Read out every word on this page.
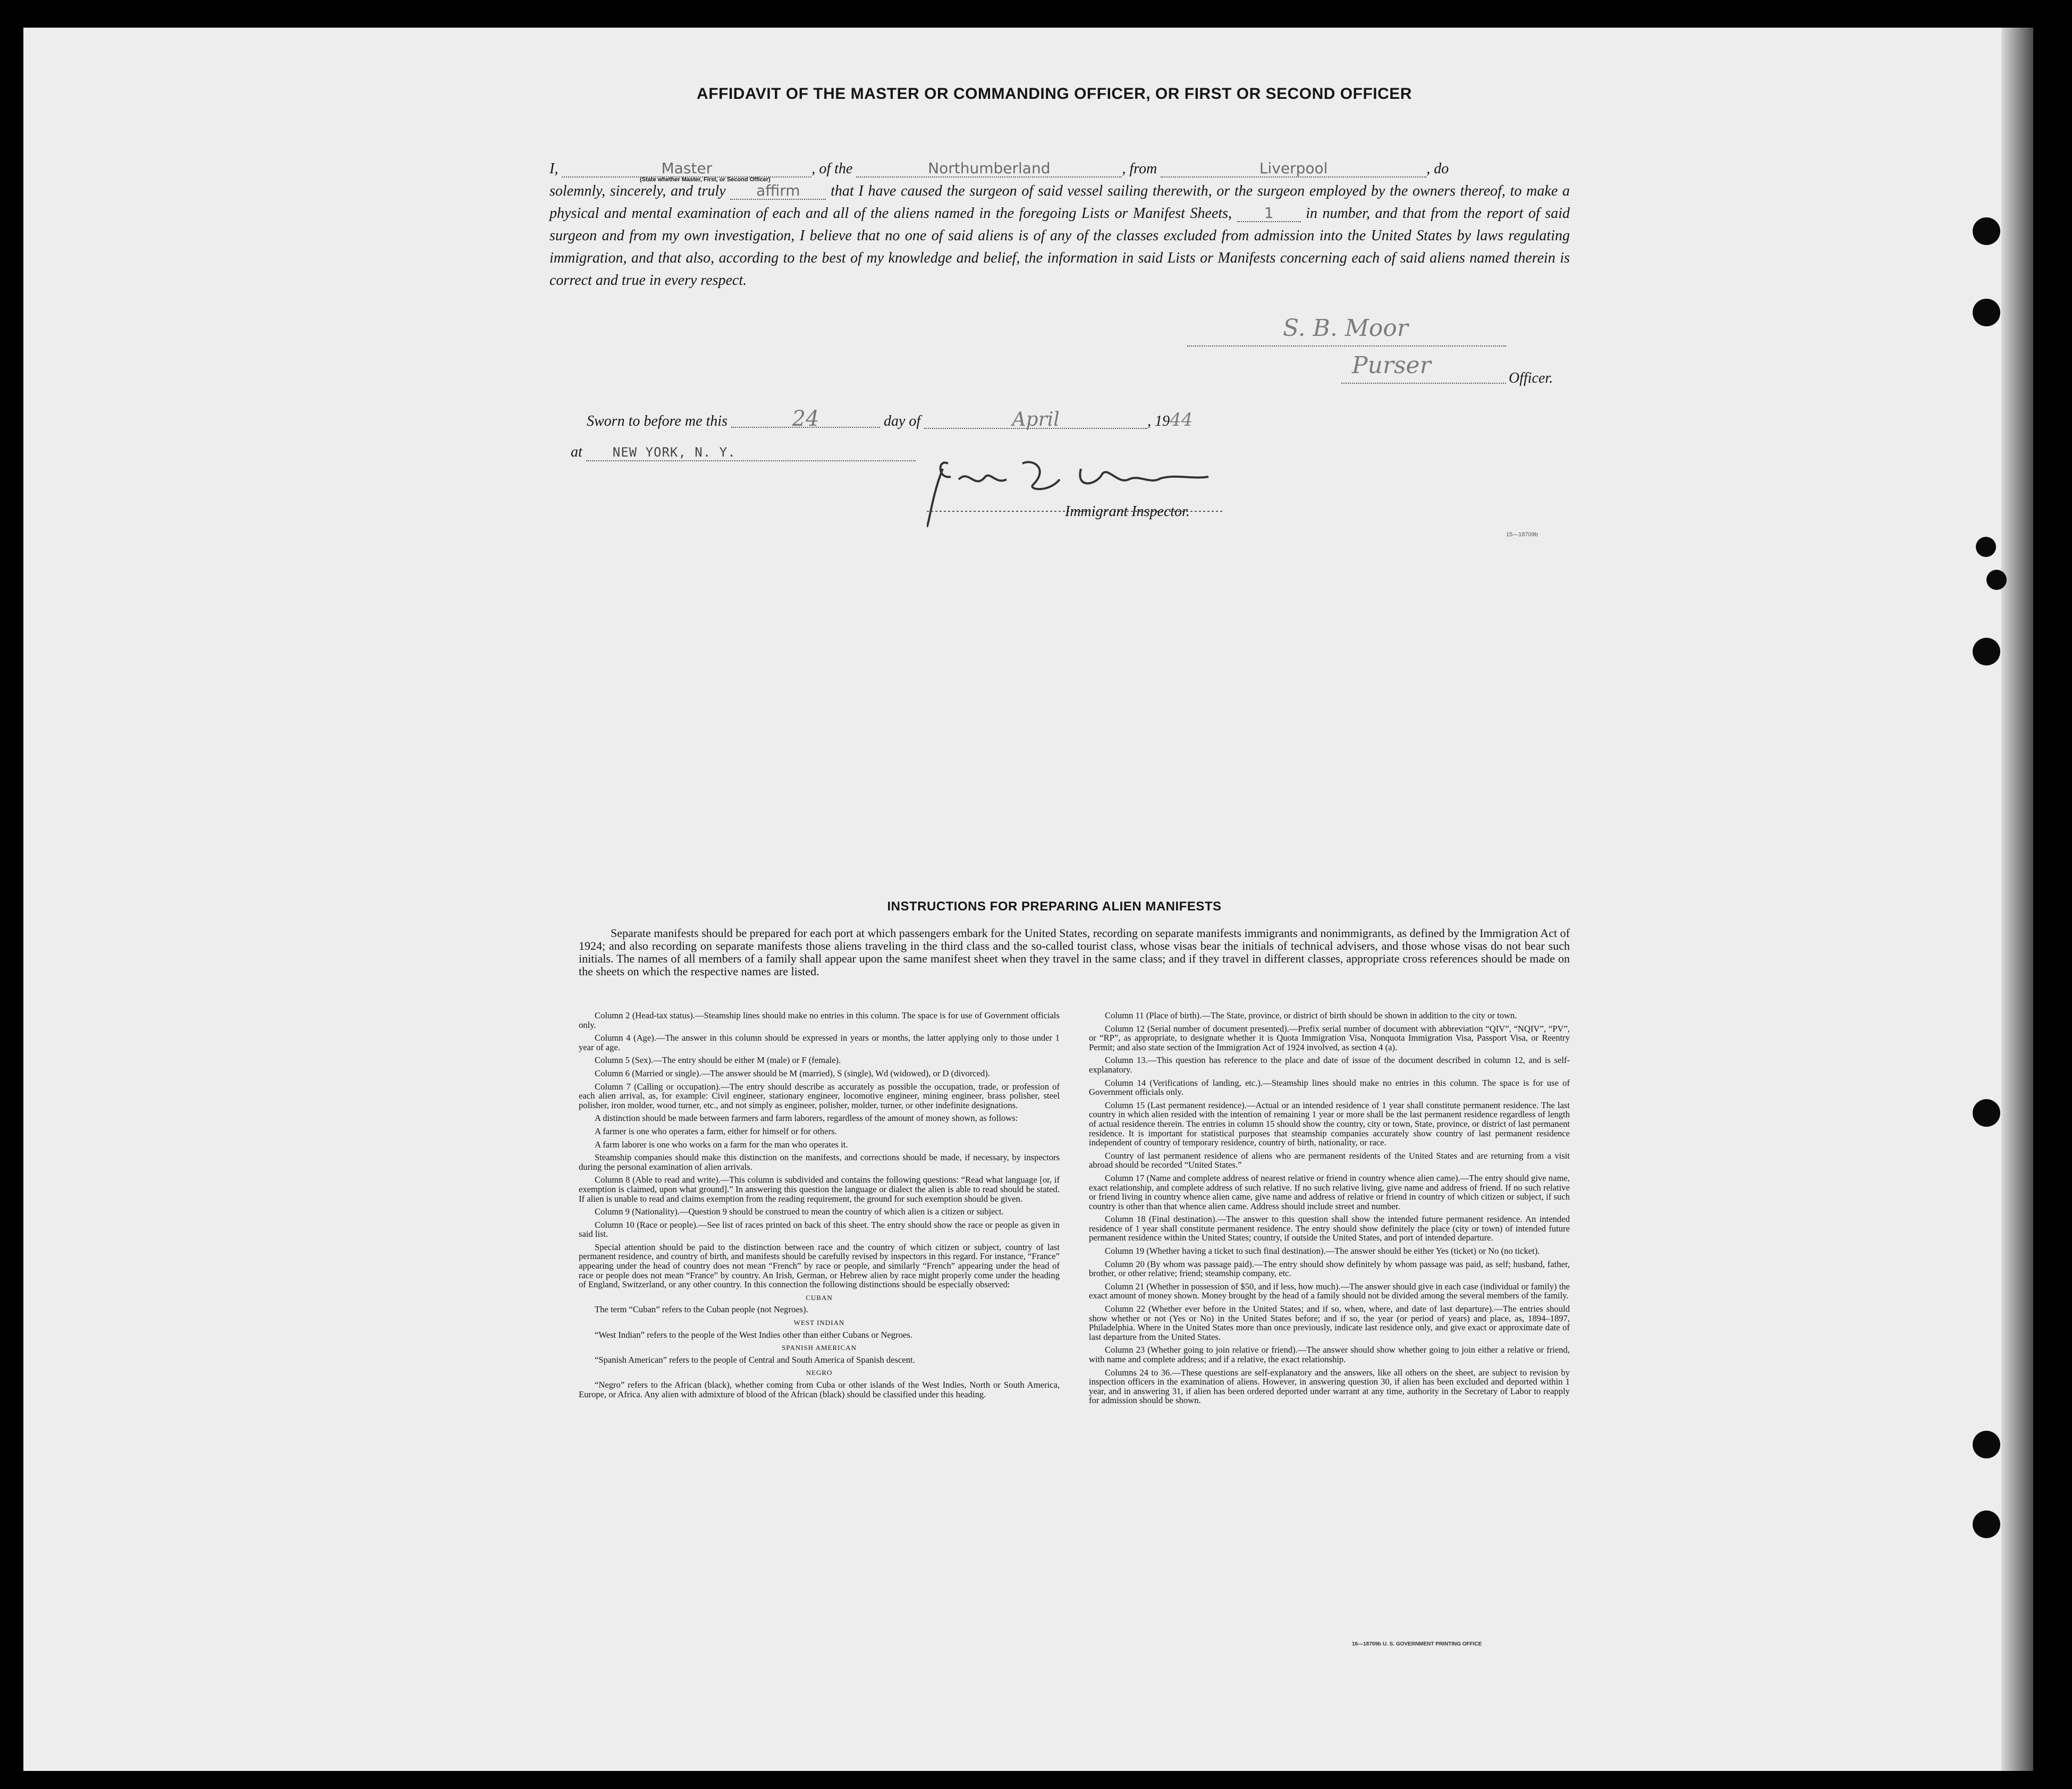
AFFIDAVIT OF THE MASTER OR COMMANDING OFFICER, OR FIRST OR SECOND OFFICER
I,	Master	, of the	Northumberland	, from	Liverpool	, do
solemnly, sincerely, and truly affirm that I have caused the surgeon of said vessel sailing therewith, or the surgeon employed by the owners thereof, to make a physical and mental examination of each and all of the aliens named in the foregoing Lists or Manifest Sheets, 1 in number, and that from the report of said surgeon and from my own investigation, I believe that no one of said aliens is of any of the classes excluded from admission into the United States by laws regulating immigration, and that also, according to the best of my knowledge and belief, the information in said Lists or Manifests concerning each of said aliens named therein is correct and true in every respect.
(State whether Master, First, or Second Officer)
S. B. Moor
Purser	Officer.
Sworn to before me this	24	day of	April	, 1944
at NEW YORK, N. Y.
Immigrant Inspector.
15—18709b
INSTRUCTIONS FOR PREPARING ALIEN MANIFESTS
Separate manifests should be prepared for each port at which passengers embark for the United States, recording on separate manifests immigrants and nonimmigrants, as defined by the Immigration Act of 1924; and also recording on separate manifests those aliens traveling in the third class and the so-called tourist class, whose visas bear the initials of technical advisers, and those whose visas do not bear such initials. The names of all members of a family shall appear upon the same manifest sheet when they travel in the same class; and if they travel in different classes, appropriate cross references should be made on the sheets on which the respective names are listed.

Column 2 (Head-tax status).—Steamship lines should make no entries in this column. The space is for use of Government officials only.

Column 4 (Age).—The answer in this column should be expressed in years or months, the latter applying only to those under 1 year of age.

Column 5 (Sex).—The entry should be either M (male) or F (female).

Column 6 (Married or single).—The answer should be M (married), S (single), Wd (widowed), or D (divorced).

Column 7 (Calling or occupation).—The entry should describe as accurately as possible the occupation, trade, or profession of each alien arrival, as, for example: Civil engineer, stationary engineer, locomotive engineer, mining engineer, brass polisher, steel polisher, iron molder, wood turner, etc., and not simply as engineer, polisher, molder, turner, or other indefinite designations.

A distinction should be made between farmers and farm laborers, regardless of the amount of money shown, as follows:

A farmer is one who operates a farm, either for himself or for others.

A farm laborer is one who works on a farm for the man who operates it.

Steamship companies should make this distinction on the manifests, and corrections should be made, if necessary, by inspectors during the personal examination of alien arrivals.

Column 8 (Able to read and write).—This column is subdivided and contains the following questions: “Read what language [or, if exemption is claimed, upon what ground].” In answering this question the language or dialect the alien is able to read should be stated. If alien is unable to read and claims exemption from the reading requirement, the ground for such exemption should be given.

Column 9 (Nationality).—Question 9 should be construed to mean the country of which alien is a citizen or subject.

Column 10 (Race or people).—See list of races printed on back of this sheet. The entry should show the race or people as given in said list.

Special attention should be paid to the distinction between race and the country of which citizen or subject, country of last permanent residence, and country of birth, and manifests should be carefully revised by inspectors in this regard. For instance, “France” appearing under the head of country does not mean “French” by race or people, and similarly “French” appearing under the head of race or people does not mean “France” by country. An Irish, German, or Hebrew alien by race might properly come under the heading of England, Switzerland, or any other country. In this connection the following distinctions should be especially observed:

CUBAN

The term “Cuban” refers to the Cuban people (not Negroes).

WEST INDIAN

“West Indian” refers to the people of the West Indies other than either Cubans or Negroes.

SPANISH AMERICAN

“Spanish American” refers to the people of Central and South America of Spanish descent.

NEGRO

“Negro” refers to the African (black), whether coming from Cuba or other islands of the West Indies, North or South America, Europe, or Africa. Any alien with admixture of blood of the African (black) should be classified under this heading.

Column 11 (Place of birth).—The State, province, or district of birth should be shown in addition to the city or town.

Column 12 (Serial number of document presented).—Prefix serial number of document with abbreviation “QIV”, “NQIV”, “PV”, or “RP”, as appropriate, to designate whether it is Quota Immigration Visa, Nonquota Immigration Visa, Passport Visa, or Reentry Permit; and also state section of the Immigration Act of 1924 involved, as section 4 (a).

Column 13.—This question has reference to the place and date of issue of the document described in column 12, and is self-explanatory.

Column 14 (Verifications of landing, etc.).—Steamship lines should make no entries in this column. The space is for use of Government officials only.

Column 15 (Last permanent residence).—Actual or an intended residence of 1 year shall constitute permanent residence. The last country in which alien resided with the intention of remaining 1 year or more shall be the last permanent residence regardless of length of actual residence therein. The entries in column 15 should show the country, city or town, State, province, or district of last permanent residence. It is important for statistical purposes that steamship companies accurately show country of last permanent residence independent of country of temporary residence, country of birth, nationality, or race.

Country of last permanent residence of aliens who are permanent residents of the United States and are returning from a visit abroad should be recorded “United States.”

Column 17 (Name and complete address of nearest relative or friend in country whence alien came).—The entry should give name, exact relationship, and complete address of such relative. If no such relative living, give name and address of friend. If no such relative or friend living in country whence alien came, give name and address of relative or friend in country of which citizen or subject, if such country is other than that whence alien came. Address should include street and number.

Column 18 (Final destination).—The answer to this question shall show the intended future permanent residence. An intended residence of 1 year shall constitute permanent residence. The entry should show definitely the place (city or town) of intended future permanent residence within the United States; country, if outside the United States, and port of intended departure.

Column 19 (Whether having a ticket to such final destination).—The answer should be either Yes (ticket) or No (no ticket).

Column 20 (By whom was passage paid).—The entry should show definitely by whom passage was paid, as self; husband, father, brother, or other relative; friend; steamship company, etc.

Column 21 (Whether in possession of $50, and if less, how much).—The answer should give in each case (individual or family) the exact amount of money shown. Money brought by the head of a family should not be divided among the several members of the family.

Column 22 (Whether ever before in the United States; and if so, when, where, and date of last departure).—The entries should show whether or not (Yes or No) in the United States before; and if so, the year (or period of years) and place, as, 1894–1897, Philadelphia. Where in the United States more than once previously, indicate last residence only, and give exact or approximate date of last departure from the United States.

Column 23 (Whether going to join relative or friend).—The answer should show whether going to join either a relative or friend, with name and complete address; and if a relative, the exact relationship.

Columns 24 to 36.—These questions are self-explanatory and the answers, like all others on the sheet, are subject to revision by inspection officers in the examination of aliens. However, in answering question 30, if alien has been excluded and deported within 1 year, and in answering 31, if alien has been ordered deported under warrant at any time, authority in the Secretary of Labor to reapply for admission should be shown.

16—18709b U. S. GOVERNMENT PRINTING OFFICE
